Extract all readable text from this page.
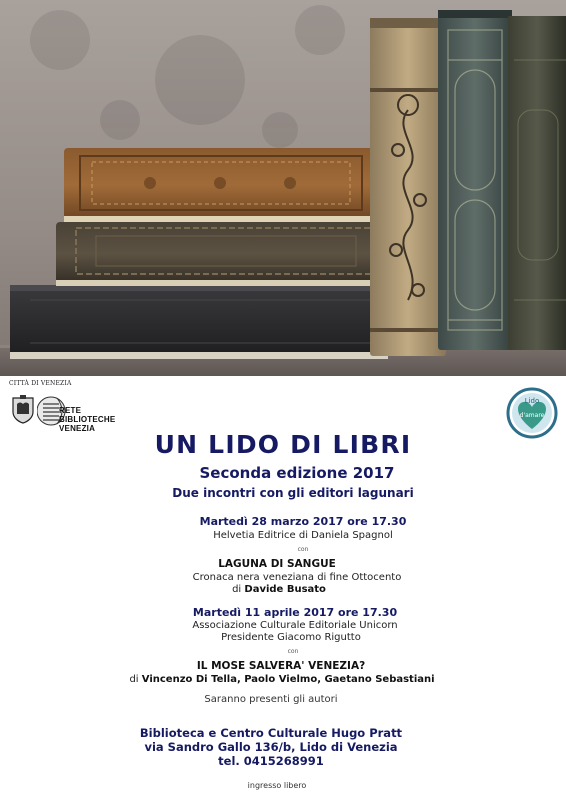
CITTÀ DI VENEZIA
RETE
BIBLIOTECHE
VENEZIA
Lido
d'amare
UN LIDO DI LIBRI
Seconda edizione 2017
Due incontri con gli editori lagunari
Martedì 28 marzo 2017 ore 17.30
Helvetia Editrice di Daniela Spagnol
con
LAGUNA DI SANGUE
Cronaca nera veneziana di fine Ottocento
di Davide Busato
Martedì 11 aprile 2017 ore 17.30
Associazione Culturale Editoriale Unicorn
Presidente Giacomo Rigutto
con
IL MOSE SALVERA' VENEZIA?
di Vincenzo Di Tella, Paolo Vielmo, Gaetano Sebastiani
Saranno presenti gli autori
Biblioteca e Centro Culturale Hugo Pratt
via Sandro Gallo 136/b, Lido di Venezia
tel. 0415268991
ingresso libero
